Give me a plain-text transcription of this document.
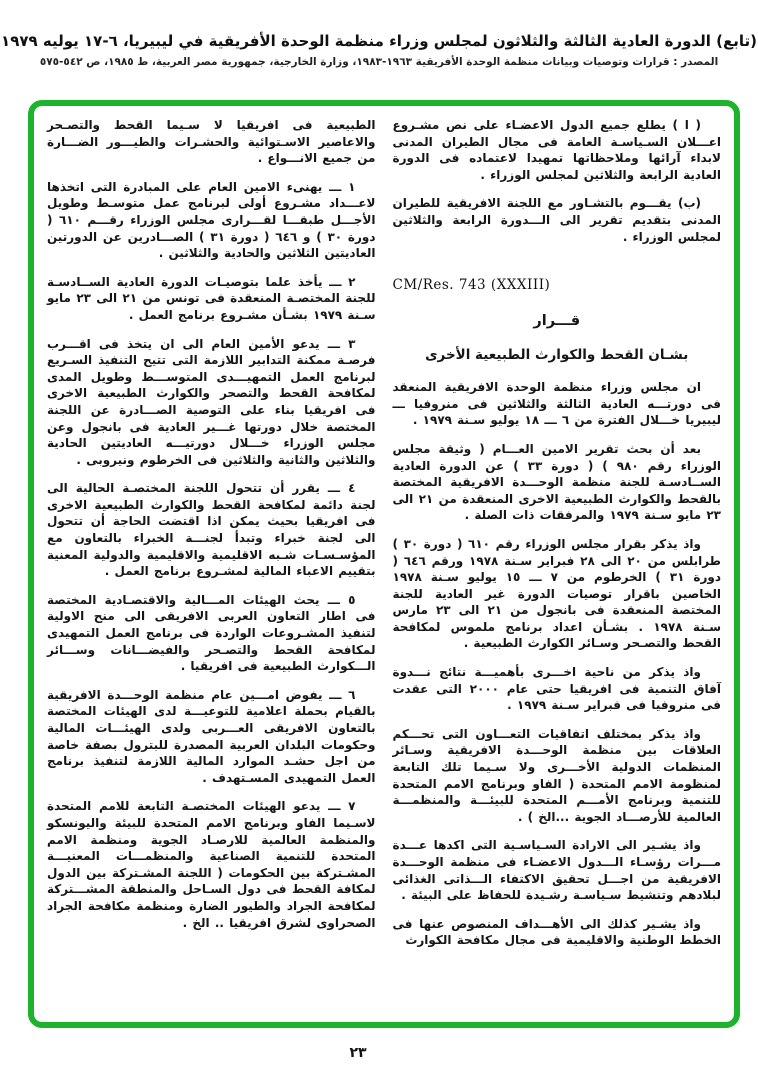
(تابع) الدورة العادية الثالثة والثلاثون لمجلس وزراء منظمة الوحدة الأفريقية في ليبيريا، ٦-١٧ يوليه ١٩٧٩
المصدر : قرارات وتوصيات وبيانات منظمة الوحدة الأفريقية ١٩٦٣-١٩٨٣، وزارة الخارجية، جمهورية مصر العربية، ط ١٩٨٥، ص ٥٤٢-٥٧٥

( ا ) يطلع جميع الدول الاعضـاء على نص مشـروع اعـــلان السـياسـة العامة فى مجال الطيران المدنى لابداء آرائها وملاحظاتها تمهيدا لاعتماده فى الدورة العادية الرابعة والثلاثين لمجلس الوزراء .

(ب) يقـــوم بالتشـاور مع اللجنة الافريقية للطيران المدنى بتقديم تقرير الى الـــدورة الرابعة والثلاثين لمجلس الوزراء .

CM/Res. 743 (XXXIII)
قـــرار
بشـان القحط والكوارث الطبيعية الأخرى

ان مجلس وزراء منظمة الوحدة الافريقية المنعقد فى دورتـــه العادية الثالثة والثلاثين فى منروفيا ـــ ليبيريا خـــلال الفترة من ٦ ـــ ١٨ يوليو سـنة ١٩٧٩ .

بعد أن بحث تقرير الامين العـــام ( وثيقة مجلس الوزراء رقم ٩٨٠ ) ( دورة ٣٣ ) عن الدورة العادية الســادسـة للجنة منظمة الوحـــدة الافريقية المختصة بالقحط والكوارث الطبيعية الاخرى المنعقدة من ٢١ الى ٢٣ مايو سـنة ١٩٧٩ والمرفقات ذات الصلة .

واذ يذكر بقرار مجلس الوزراء رقم ٦١٠ ( دورة ٣٠ ) طرابلس من ٢٠ الى ٢٨ فبراير سـنة ١٩٧٨ ورقم ٦٤٦ ( دورة ٣١ ) الخرطوم من ٧ ـــ ١٥ يوليو سـنة ١٩٧٨ الخاصين باقرار توصيات الدورة غير العادية للجنة المختصة المنعقدة فى بانجول من ٢١ الى ٢٣ مارس سـنة ١٩٧٨ . بشـأن اعداد برنامج ملموس لمكافحة القحط والتصـحر وسـائر الكوارث الطبيعية .

واذ يذكر من ناحية اخـــرى بأهميـــة نتائج نـــدوة آفاق التنمية فى افريقيا حتى عام ٢٠٠٠ التى عقدت فى منروفيا فى فبراير سـنة ١٩٧٩ .

واذ يذكر بمختلف اتفاقيات التعـــاون التى تحـــكم العلاقات بين منظمة الوحـــدة الافريقية وسـائر المنظمات الدولية الأخـــرى ولا سـيما تلك التابعة لمنظومة الامم المتحدة ( الفاو وبرنامج الامم المتحدة للتنمية وبرنامج الأمـــم المتحدة للبيئـــة والمنظمـــة العالمية للأرصـــاد الجوية ...الخ ) .

واذ يشـير الى الارادة السـياسـية التى اكدها عـــدة مـــرات رؤسـاء الـــدول الاعضـاء فى منظمة الوحـــدة الافريقية من اجـــل تحقيق الاكتفاء الـــذاتى الغذائى لبلادهم وتنشيط سـياسـة رشـيدة للحفاظ على البيئة .

واذ يشـير كذلك الى الأهـــداف المنصوص عنها فى الخطط الوطنية والاقليمية فى مجال مكافحة الكوارث

الطبيعية فى افريقيا لا سـيما القحط والتصـحر والاعاصير الاسـتوائية والحشـرات والطيـــور الضـــارة من جميع الانـــواع .

١ ـــ يهنىء الامين العام على المبادرة التى اتخذها لاعـــداد مشـروع أولى لبرنامج عمل متوسـط وطويل الأجـــل طبقـــا لقـــرارى مجلس الوزراء رقـــم ٦١٠ ( دورة ٣٠ ) و ٦٤٦ ( دورة ٣١ ) الصـــادرين عن الدورتين العاديتين الثلاثين والحادية والثلاثين .

٢ ـــ يأخذ علما بتوصيـات الدورة العادية الســادسـة للجنة المختصـة المنعقدة فى تونس من ٢١ الى ٢٣ مايو سـنة ١٩٧٩ بشـأن مشـروع برنامج العمل .

٣ ـــ يدعو الأمين العام الى ان يتخذ فى اقـــرب فرصـة ممكنة التدابير اللازمة التى تتيح التنفيذ السـريع لبرنامج العمل التمهيـــدى المتوســـط وطويل المدى لمكافحة القحط والتصحر والكوارث الطبيعية الاخرى فى افريقيا بناء على التوصية الصـــادرة عن اللجنة المختصة خلال دورتها غـــير العادية فى بانجول وعن مجلس الوزراء خـــلال دورتيـــه العاديتين الحادية والثلاثين والثانية والثلاثين فى الخرطوم ونيروبى .

٤ ـــ يقرر أن تتحول اللجنة المختصـة الحالية الى لجنة دائمة لمكافحة القحط والكوارث الطبيعية الاخرى فى افريقيا بحيث يمكن اذا اقتضت الحاجة أن تتحول الى لجنة خبراء وتبدأ لجنـــة الخبراء بالتعاون مع المؤسـسـات شـبه الاقليمية والاقليمية والدولية المعنية بتقييم الاعباء المالية لمشـروع برنامج العمل .

٥ ـــ يحث الهيئات المـــالية والاقتصـادية المختصة فى اطار التعاون العربى الافريقى الى منح الاولية لتنفيذ المشـروعات الواردة فى برنامج العمل التمهيدى لمكافحة القحط والتصـحر والفيضـــانات وســـائر الـــكوارث الطبيعية فى افريقيا .

٦ ـــ يفوض امـــين عام منظمة الوحـــدة الافريقية بالقيام بحملة اعلامية للتوعيـــة لدى الهيئات المختصة بالتعاون الافريقى العـــربى ولدى الهيئـــات المالية وحكومات البلدان العربية المصدرة للبترول بصفة خاصة من اجل حشـد الموارد المالية اللازمة لتنفيذ برنامج العمل التمهيدى المسـتهدف .

٧ ـــ يدعو الهيئات المختصـة التابعة للامم المتحدة لاسـيما الفاو وبرنامج الامم المتحدة للبيئة واليونسكو والمنظمة العالمية للارصـاد الجوية ومنظمة الامم المتحدة للتنمية الصناعية والمنظمـــات المعنيـــة المشـتركة بين الحكومات ( اللجنة المشـتركة بين الدول لمكافة القحط فى دول السـاحل والمنطقة المشـــتركة لمكافحة الجراد والطيور الضارة ومنظمة مكافحة الجراد الصحراوى لشرق افريقيا .. الخ .

٢٣
